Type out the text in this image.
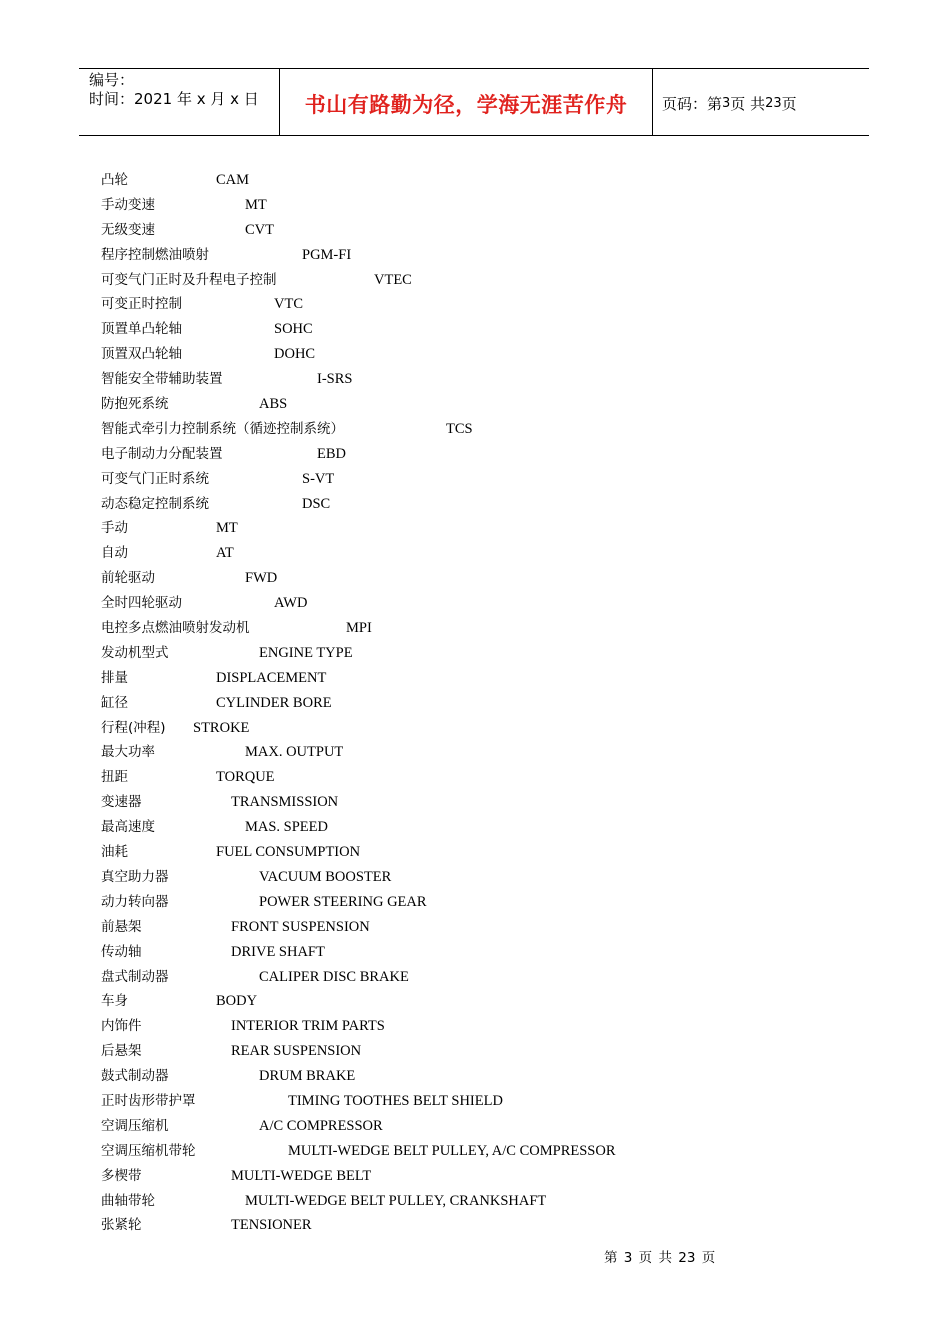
编号：
时间：2021 年 x 月 x 日	书山有路勤为径，学海无涯苦作舟	页码：第 3 页 共 23 页
凸轮	CAM
手动变速	MT
无级变速	CVT
程序控制燃油喷射	PGM-FI
可变气门正时及升程电子控制	VTEC
可变正时控制	VTC
顶置单凸轮轴	SOHC
顶置双凸轮轴	DOHC
智能安全带辅助装置	I-SRS
防抱死系统	ABS
智能式牵引力控制系统（循迹控制系统）	TCS
电子制动力分配装置	EBD
可变气门正时系统	S-VT
动态稳定控制系统	DSC
手动	MT
自动	AT
前轮驱动	FWD
全时四轮驱动	AWD
电控多点燃油喷射发动机	MPI
发动机型式	ENGINE TYPE
排量	DISPLACEMENT
缸径	CYLINDER BORE
行程(冲程) STROKE
最大功率	MAX. OUTPUT
扭距	TORQUE
变速器	TRANSMISSION
最高速度	MAS. SPEED
油耗	FUEL CONSUMPTION
真空助力器	VACUUM BOOSTER
动力转向器	POWER STEERING GEAR
前悬架	FRONT SUSPENSION
传动轴	DRIVE SHAFT
盘式制动器	CALIPER DISC BRAKE
车身	BODY
内饰件	INTERIOR TRIM PARTS
后悬架	REAR SUSPENSION
鼓式制动器	DRUM BRAKE
正时齿形带护罩	TIMING TOOTHES BELT SHIELD
空调压缩机	A/C COMPRESSOR
空调压缩机带轮	MULTI-WEDGE BELT PULLEY, A/C COMPRESSOR
多楔带	MULTI-WEDGE BELT
曲轴带轮	MULTI-WEDGE BELT PULLEY, CRANKSHAFT
张紧轮	TENSIONER
第 3 页 共 23 页
